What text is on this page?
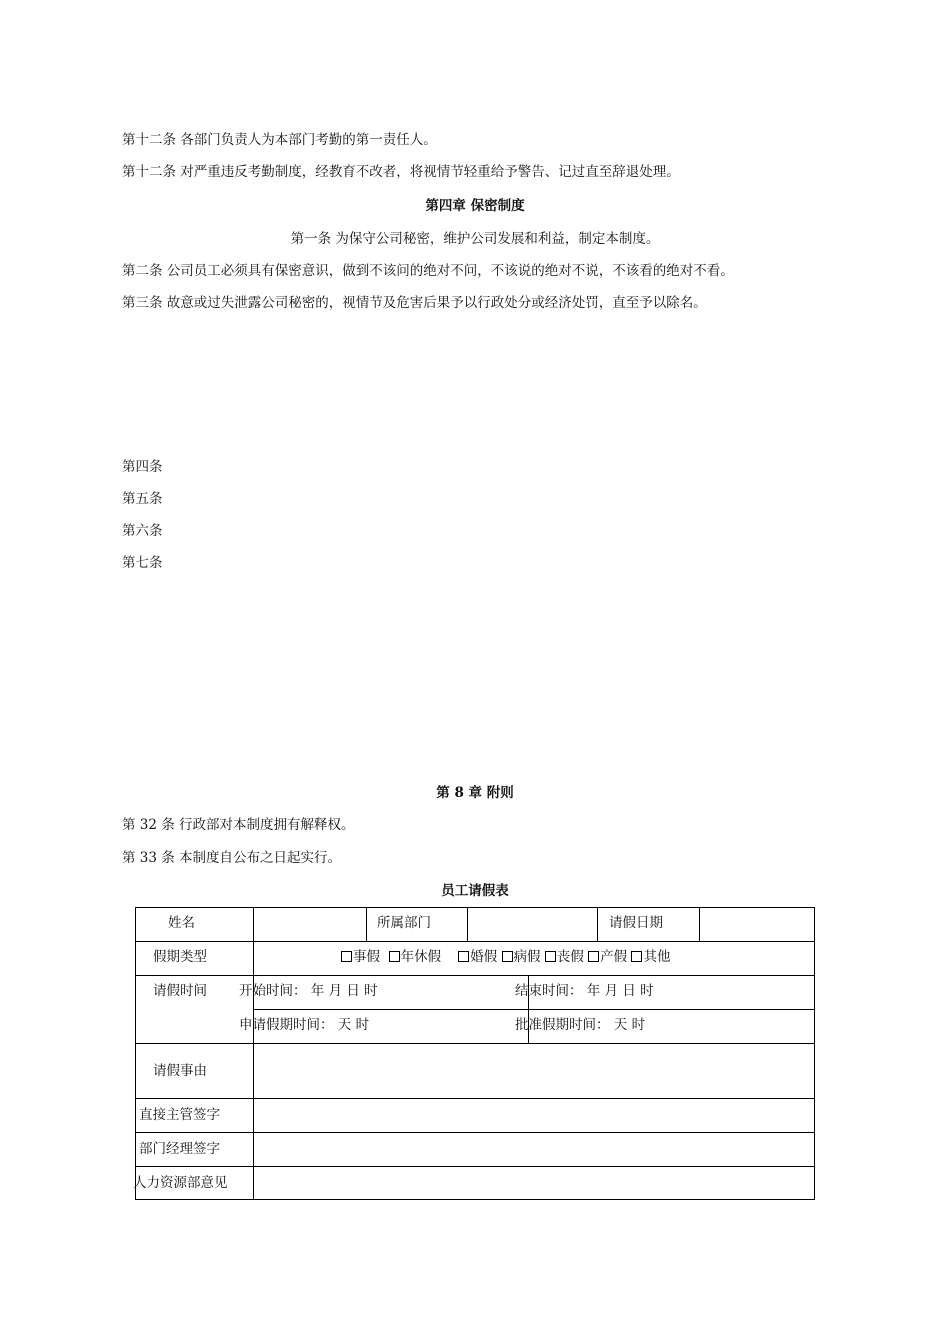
第十二条 各部门负责人为本部门考勤的第一责任人。
第十二条 对严重违反考勤制度，经教育不改者，将视情节轻重给予警告、记过直至辞退处理。
第四章 保密制度
第一条 为保守公司秘密，维护公司发展和利益，制定本制度。
第二条 公司员工必须具有保密意识，做到不该问的绝对不问，不该说的绝对不说，不该看的绝对不看。
第三条 故意或过失泄露公司秘密的，视情节及危害后果予以行政处分或经济处罚，直至予以除名。
第四条
第五条
第六条
第七条
第 8 章 附则
第 32 条 行政部对本制度拥有解释权。
第 33 条 本制度自公布之日起实行。
员工请假表
姓名	所属部门	请假日期
假期类型	事假 年休假 婚假 病假 丧假 产假 其他
请假时间 开始时间： 年 月 日 时	结束时间： 年 月 日 时
申请假期时间： 天 时	批准假期时间： 天 时
请假事由
直接主管签字
部门经理签字
人力资源部意见
